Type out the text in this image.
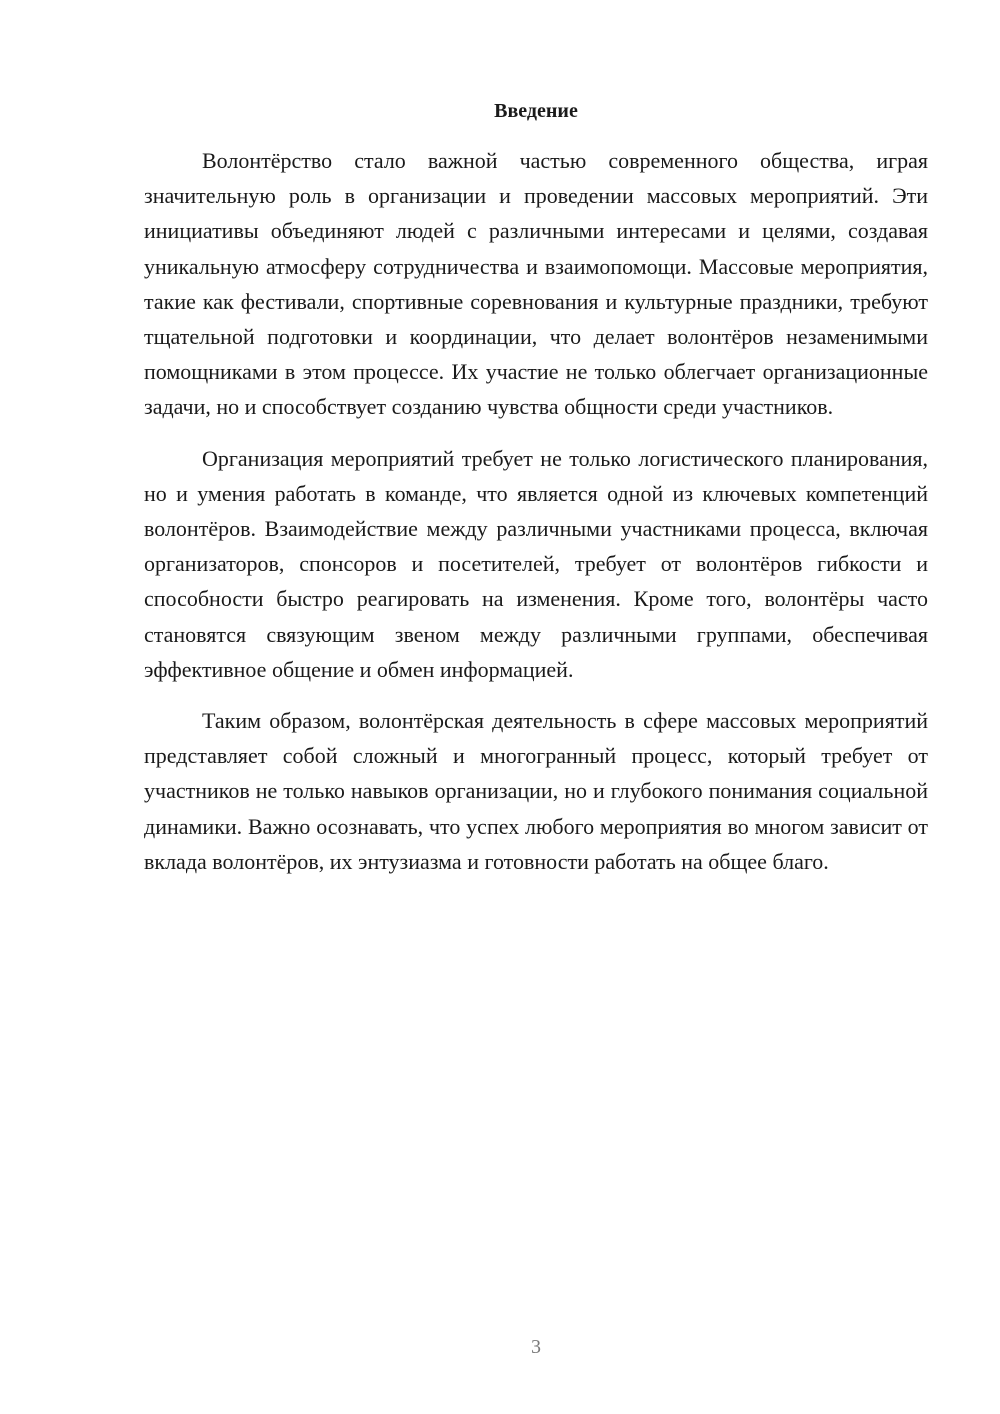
Введение

Волонтёрство стало важной частью современного общества, играя значительную роль в организации и проведении массовых мероприятий. Эти инициативы объединяют людей с различными интересами и целями, создавая уникальную атмосферу сотрудничества и взаимопомощи. Массовые мероприятия, такие как фестивали, спортивные соревнования и культурные праздники, требуют тщательной подготовки и координации, что делает волонтёров незаменимыми помощниками в этом процессе. Их участие не только облегчает организационные задачи, но и способствует созданию чувства общности среди участников.

Организация мероприятий требует не только логистического планирования, но и умения работать в команде, что является одной из ключевых компетенций волонтёров. Взаимодействие между различными участниками процесса, включая организаторов, спонсоров и посетителей, требует от волонтёров гибкости и способности быстро реагировать на изменения. Кроме того, волонтёры часто становятся связующим звеном между различными группами, обеспечивая эффективное общение и обмен информацией.

Таким образом, волонтёрская деятельность в сфере массовых мероприятий представляет собой сложный и многогранный процесс, который требует от участников не только навыков организации, но и глубокого понимания социальной динамики. Важно осознавать, что успех любого мероприятия во многом зависит от вклада волонтёров, их энтузиазма и готовности работать на общее благо.

3
